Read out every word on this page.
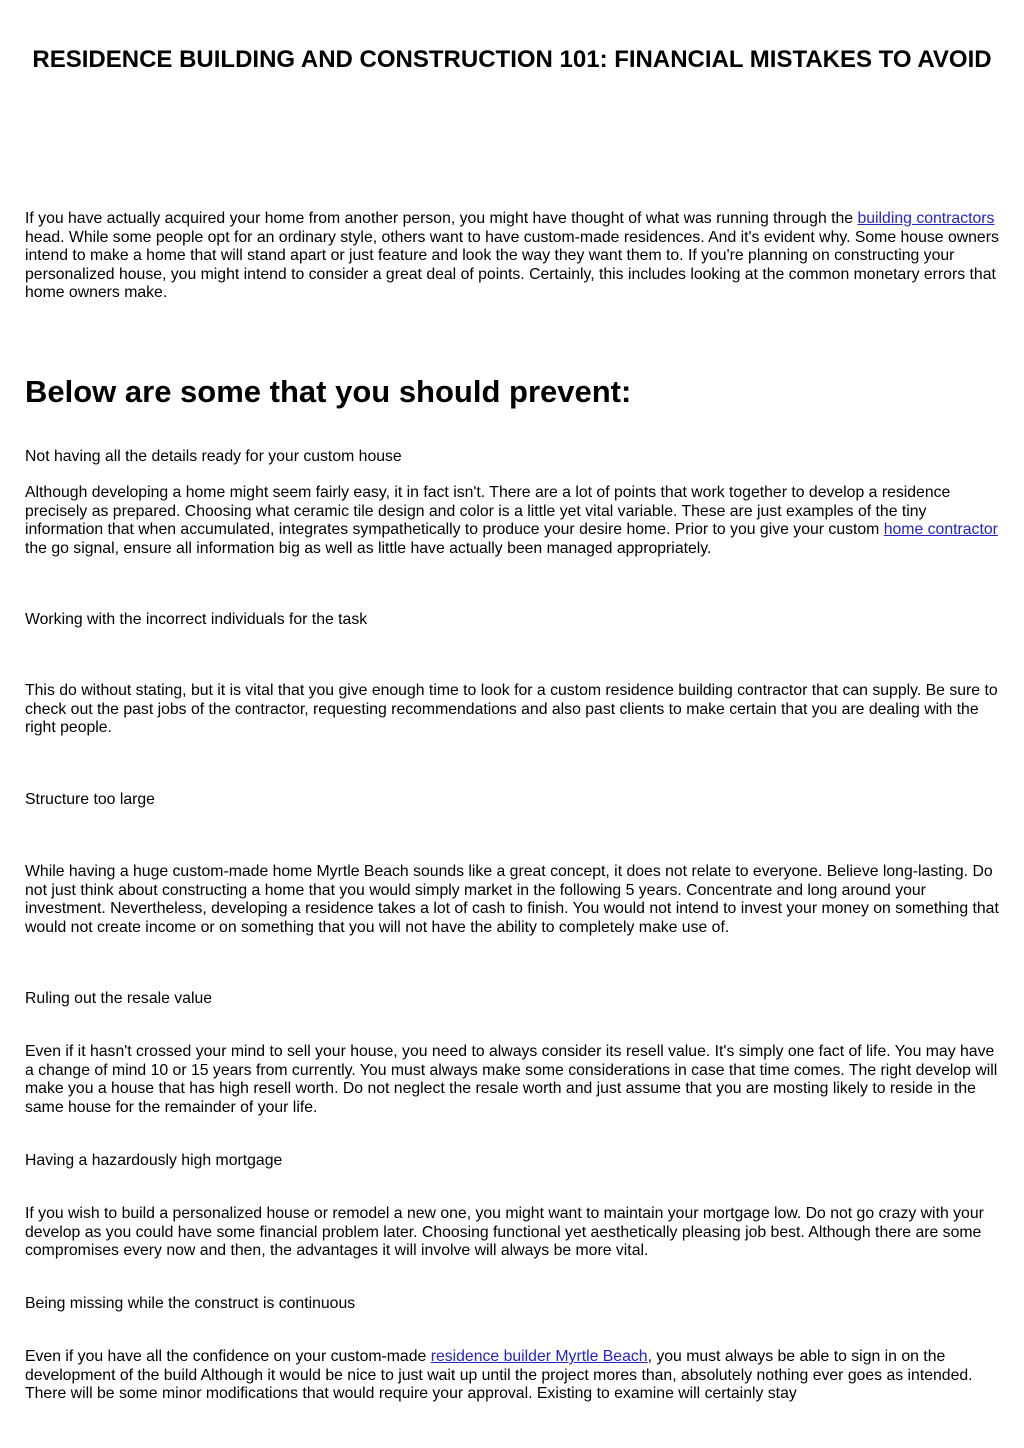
RESIDENCE BUILDING AND CONSTRUCTION 101: FINANCIAL MISTAKES TO AVOID

If you have actually acquired your home from another person, you might have thought of what was running through the building contractors head. While some people opt for an ordinary style, others want to have custom-made residences. And it's evident why. Some house owners intend to make a home that will stand apart or just feature and look the way they want them to. If you're planning on constructing your personalized house, you might intend to consider a great deal of points. Certainly, this includes looking at the common monetary errors that home owners make.

Below are some that you should prevent:

Not having all the details ready for your custom house

Although developing a home might seem fairly easy, it in fact isn't. There are a lot of points that work together to develop a residence precisely as prepared. Choosing what ceramic tile design and color is a little yet vital variable. These are just examples of the tiny information that when accumulated, integrates sympathetically to produce your desire home. Prior to you give your custom home contractor the go signal, ensure all information big as well as little have actually been managed appropriately.

Working with the incorrect individuals for the task

This do without stating, but it is vital that you give enough time to look for a custom residence building contractor that can supply. Be sure to check out the past jobs of the contractor, requesting recommendations and also past clients to make certain that you are dealing with the right people.

Structure too large

While having a huge custom-made home Myrtle Beach sounds like a great concept, it does not relate to everyone. Believe long-lasting. Do not just think about constructing a home that you would simply market in the following 5 years. Concentrate and long around your investment. Nevertheless, developing a residence takes a lot of cash to finish. You would not intend to invest your money on something that would not create income or on something that you will not have the ability to completely make use of.

Ruling out the resale value

Even if it hasn't crossed your mind to sell your house, you need to always consider its resell value. It's simply one fact of life. You may have a change of mind 10 or 15 years from currently. You must always make some considerations in case that time comes. The right develop will make you a house that has high resell worth. Do not neglect the resale worth and just assume that you are mosting likely to reside in the same house for the remainder of your life.

Having a hazardously high mortgage

If you wish to build a personalized house or remodel a new one, you might want to maintain your mortgage low. Do not go crazy with your develop as you could have some financial problem later. Choosing functional yet aesthetically pleasing job best. Although there are some compromises every now and then, the advantages it will involve will always be more vital.

Being missing while the construct is continuous

Even if you have all the confidence on your custom-made residence builder Myrtle Beach, you must always be able to sign in on the development of the build Although it would be nice to just wait up until the project mores than, absolutely nothing ever goes as intended. There will be some minor modifications that would require your approval. Existing to examine will certainly stay
